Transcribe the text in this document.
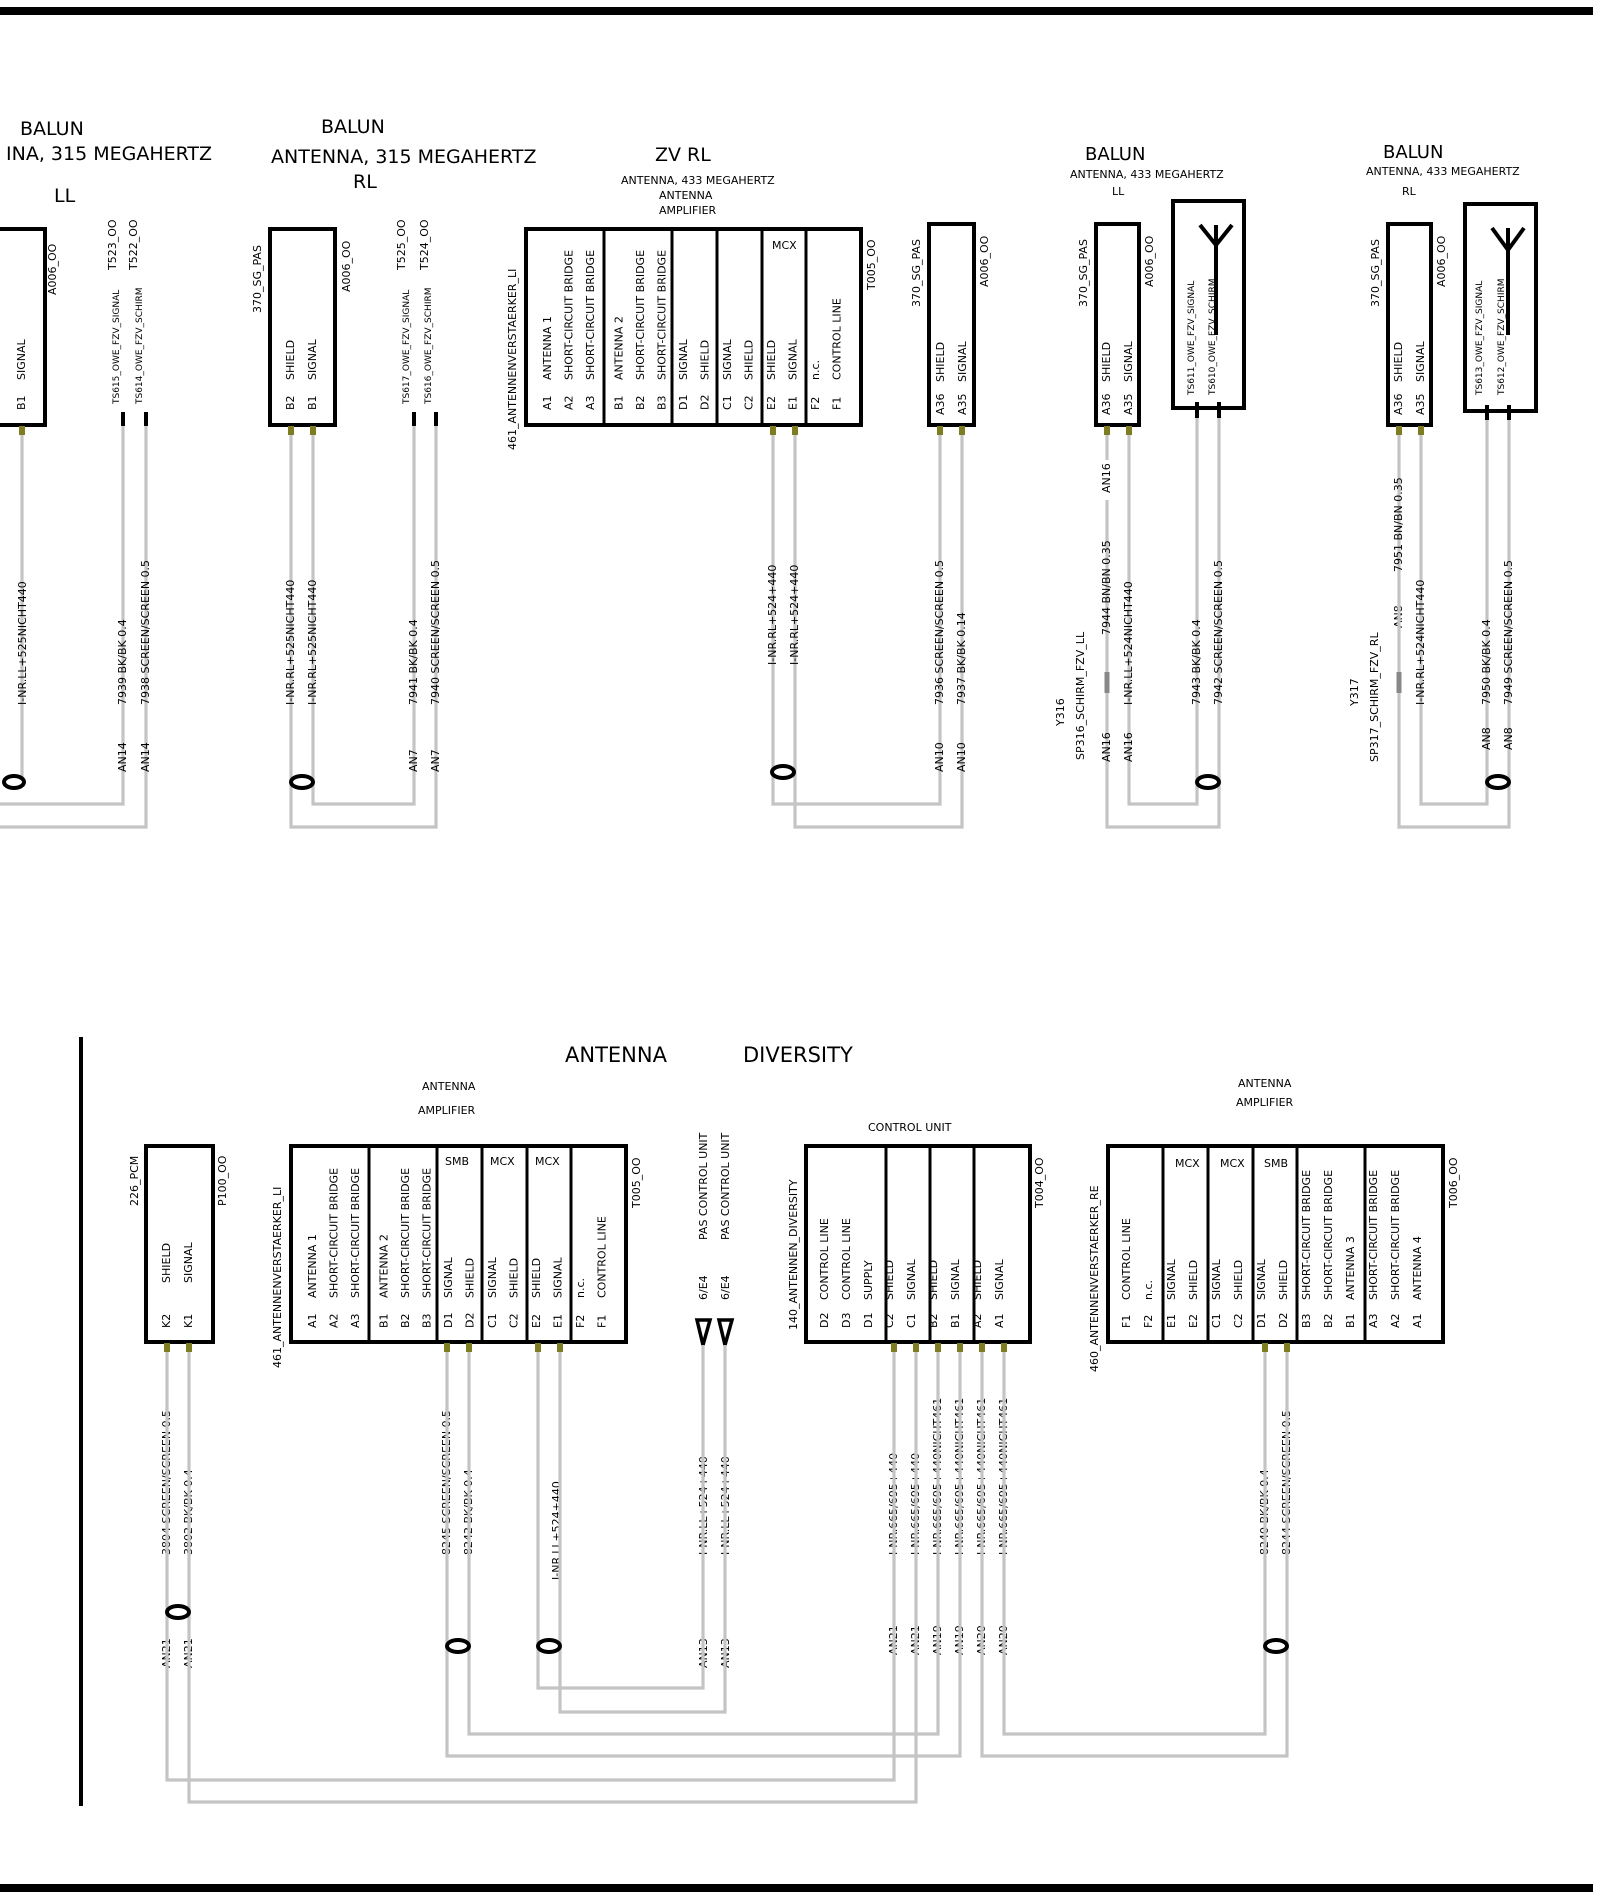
BALUN
INA, 315 MEGAHERTZ
LL
A006_OO
B1
SIGNAL
T523_OO T522_OO
TS615_OWE_FZV_SIGNAL TS614_OWE_FZV_SCHIRM
I-NR.LL+525NICHT440	7939 BK/BK 0.4 7938 SCREEN/SCREEN 0.5
AN14 AN14
BALUN
ANTENNA, 315 MEGAHERTZ
RL
370_SG_PAS	A006_OO
B2
SHIELD
B1
SIGNAL
T525_OO T524_OO
TS617_OWE_FZV_SIGNAL TS616_OWE_FZV_SCHIRM
I-NR.RL+525NICHT440 I-NR.RL+525NICHT440	7941 BK/BK 0.4 7940 SCREEN/SCREEN 0.5
AN7 AN7
ZV RL
ANTENNA, 433 MEGAHERTZ
ANTENNA
AMPLIFIER
461_ANTENNENVERSTAERKER_LI
T005_OO
MCX
A1
ANTENNA 1
A2
SHORT-CIRCUIT BRIDGE
A3
SHORT-CIRCUIT BRIDGE
B1
ANTENNA 2
B2
SHORT-CIRCUIT BRIDGE
B3
SHORT-CIRCUIT BRIDGE
D1
SIGNAL
D2
SHIELD
C1
SIGNAL
C2
SHIELD
E2
SHIELD
E1
SIGNAL
F2
n.c.
F1
CONTROL LINE
I-NR.RL+524+440 I-NR.RL+524+440
370_SG_PAS	A006_OO
A36
SHIELD
A35
SIGNAL
7936 SCREEN/SCREEN 0.5 7937 BK/BK 0.14
AN10 AN10
BALUN
ANTENNA, 433 MEGAHERTZ
LL
370_SG_PAS	A006_OO
A36
SHIELD
A35
SIGNAL	TS611_OWE_FZV_SIGNAL TS610_OWE_FZV_SCHIRM
AN16
Y316 SP316_SCHIRM_FZV_LL
7944 BN/BN 0.35 I-NR.LL+524NICHT440	7943 BK/BK 0.4 7942 SCREEN/SCREEN 0.5
AN16 AN16
BALUN
ANTENNA, 433 MEGAHERTZ
RL
370_SG_PAS	A006_OO
A36
SHIELD
A35
SIGNAL	TS613_OWE_FZV_SIGNAL TS612_OWE_FZV_SCHIRM
AN8
Y317 SP317_SCHIRM_FZV_RL
7951 BN/BN 0.35
I-NR.RL+524NICHT440	7950 BK/BK 0.4 7949 SCREEN/SCREEN 0.5
AN8 AN8
ANTENNA	DIVERSITY
226_PCM	P100_OO
K2
SHIELD
K1
SIGNAL
3804 SCREEN/SCREEN 0.5 3802 BK/BK 0.4
AN21 AN21
ANTENNA
AMPLIFIER
461_ANTENNENVERSTAERKER_LI
T005_OO
SMB MCX MCX
A1
ANTENNA 1
A2
SHORT-CIRCUIT BRIDGE
A3
SHORT-CIRCUIT BRIDGE
B1
ANTENNA 2
B2
SHORT-CIRCUIT BRIDGE
B3
SHORT-CIRCUIT BRIDGE
D1
SIGNAL
D2
SHIELD
C1
SIGNAL
C2
SHIELD
E2
SHIELD
E1
SIGNAL
F2
n.c.
F1
CONTROL LINE
8245 SCREEN/SCREEN 0.5 8242 BK/BK 0.4	I-NR.LL+524+440
6/E4
PAS CONTROL UNIT
6/E4
PAS CONTROL UNIT
I-NR.LL+524+440 I-NR.LL+524+440
AN13 AN13
CONTROL UNIT
140_ANTENNEN_DIVERSITY	T004_OO
D2
CONTROL LINE
D3
CONTROL LINE
D1
SUPPLY
C2
SHIELD
C1
SIGNAL
B2
SHIELD
B1
SIGNAL
A2
SHIELD
A1
SIGNAL
I-NR.665/695+440
AN21
I-NR.665/695+440
AN21
I-NR.665/695+440NICHT461
AN19
I-NR.665/695+440NICHT461
AN19
I-NR.665/695+440NICHT461
AN20
I-NR.665/695+440NICHT461
AN20
ANTENNA
AMPLIFIER
460_ANTENNENVERSTAERKER_RE
T006_OO
MCX MCX SMB
F1
CONTROL LINE
F2
n.c.
E1
SIGNAL
E2
SHIELD
C1
SIGNAL
C2
SHIELD
D1
SIGNAL
D2
SHIELD
B3
SHORT-CIRCUIT BRIDGE
B2
SHORT-CIRCUIT BRIDGE
B1
ANTENNA 3
A3
SHORT-CIRCUIT BRIDGE
A2
SHORT-CIRCUIT BRIDGE
A1
ANTENNA 4
8240 BK/BK 0.4 8244 SCREEN/SCREEN 0.5
